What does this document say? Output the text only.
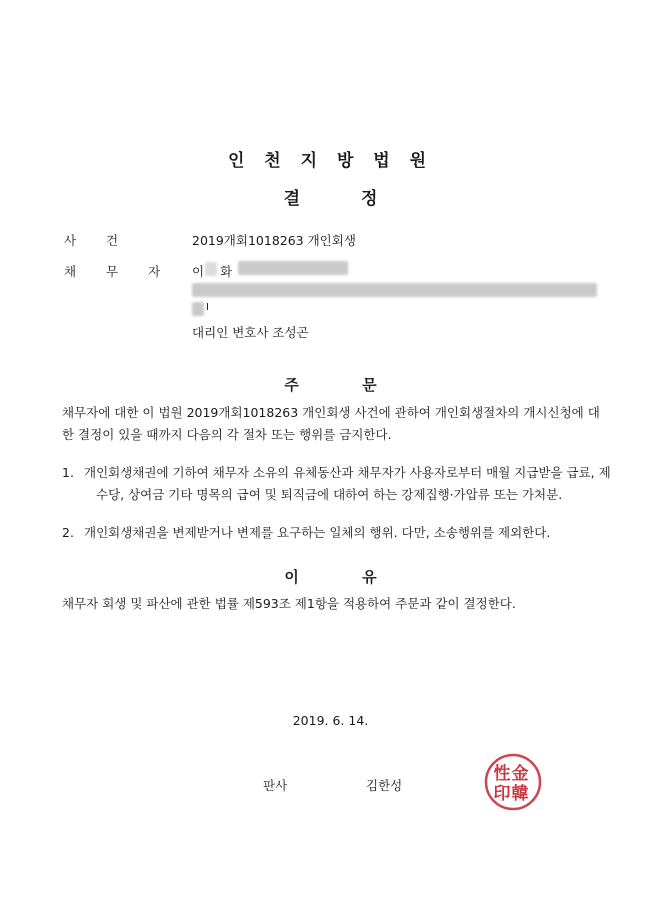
인 천 지 방 법 원
결 정
사 건	2019개회1018263 개인회생
채 무 자	이 화
I
대리인 변호사 조성곤
주 문
채무자에 대한 이 법원 2019개회1018263 개인회생 사건에 관하여 개인회생절차의 개시신청에 대한 결정이 있을 때까지 다음의 각 절차 또는 행위를 금지한다.
1. 개인회생채권에 기하여 채무자 소유의 유체동산과 채무자가 사용자로부터 매월 지급받을 급료, 제수당, 상여금 기타 명목의 급여 및 퇴직금에 대하여 하는 강제집행·가압류 또는 가처분.
2. 개인회생채권을 변제받거나 변제를 요구하는 일체의 행위. 다만, 소송행위를 제외한다.
이 유
채무자 회생 및 파산에 관한 법률 제593조 제1항을 적용하여 주문과 같이 결정한다.
2019. 6. 14.
판사	김한성
金
韓
性
印
